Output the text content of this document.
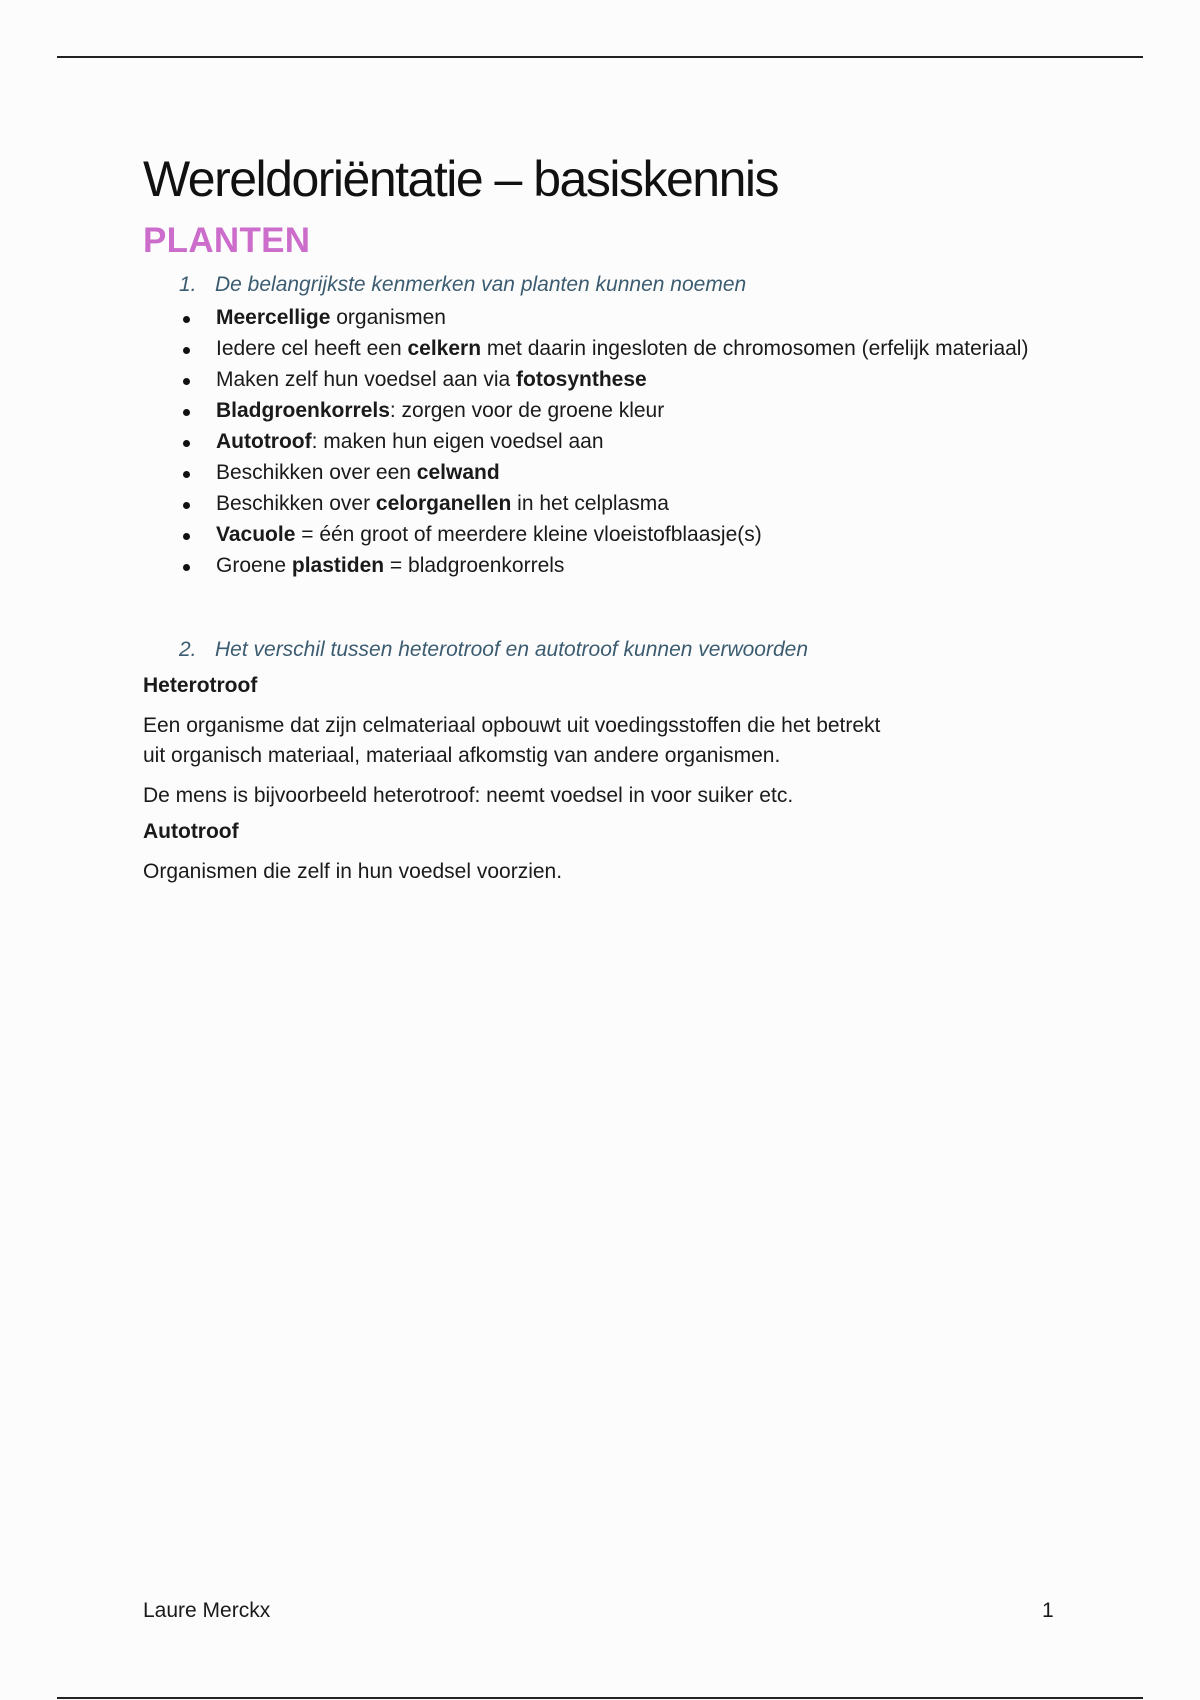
Wereldoriëntatie – basiskennis
PLANTEN
1. De belangrijkste kenmerken van planten kunnen noemen
Meercellige organismen
Iedere cel heeft een celkern met daarin ingesloten de chromosomen (erfelijk materiaal)
Maken zelf hun voedsel aan via fotosynthese
Bladgroenkorrels: zorgen voor de groene kleur
Autotroof: maken hun eigen voedsel aan
Beschikken over een celwand
Beschikken over celorganellen in het celplasma
Vacuole = één groot of meerdere kleine vloeistofblaasje(s)
Groene plastiden = bladgroenkorrels
2. Het verschil tussen heterotroof en autotroof kunnen verwoorden
Heterotroof

Een organisme dat zijn celmateriaal opbouwt uit voedingsstoffen die het betrekt
uit organisch materiaal, materiaal afkomstig van andere organismen.

De mens is bijvoorbeeld heterotroof: neemt voedsel in voor suiker etc.

Autotroof

Organismen die zelf in hun voedsel voorzien.

Laure Merckx	1
